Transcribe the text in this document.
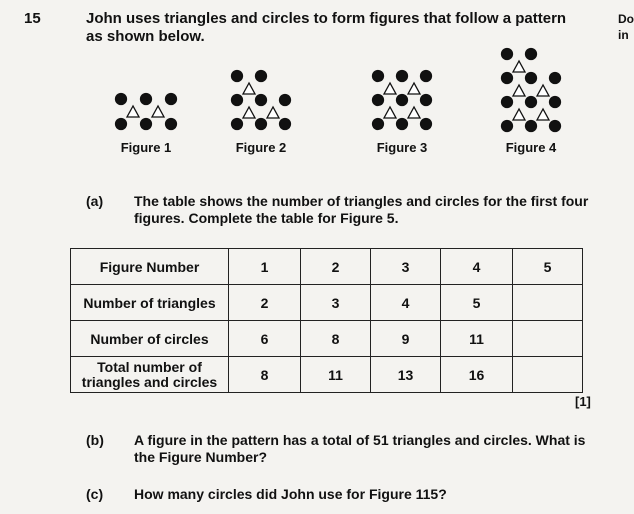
15	John uses triangles and circles to form figures that follow a pattern as shown below.
Do
in
Figure 1	Figure 2	Figure 3	Figure 4
(a) The table shows the number of triangles and circles for the first four figures. Complete the table for Figure 5.
Figure Number	1	2	3	4	5
Number of triangles	2	3	4	5	
Number of circles	6	8	9	11	
Total number of triangles and circles	8	11	13	16	
[1]
(b) A figure in the pattern has a total of 51 triangles and circles. What is the Figure Number?
(c) How many circles did John use for Figure 115?
